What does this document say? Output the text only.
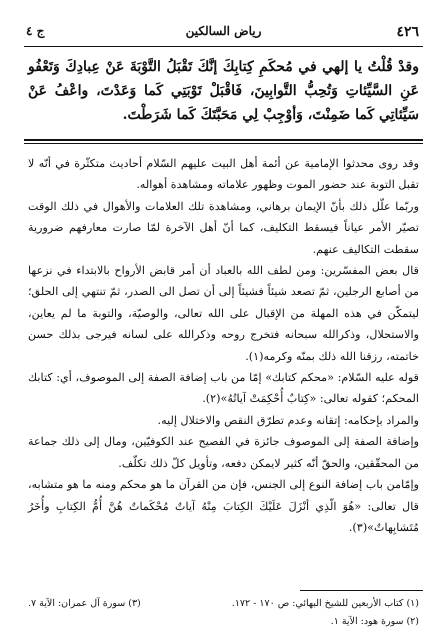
٤٢٦
رياض السالكين
ج ٤
وقدْ قُلْتُ يا إلهي في مُحكَمِ كِتابِكَ إنَّكَ تَقْبَلُ التَّوْبَةَ عَنْ عِبادِكَ وَتَعْفُو عَنِ السَّيِّئاتِ وَتُحِبُّ التَّوابِينَ، فَاقْبَلْ تَوْبَتِي كَما وَعَدْتَ، واعْفُ عَنْ سَيِّئاتِي كَما ضَمِنْتَ، وَأوْجِبْ لِي مَحَبَّتَكَ كَما شَرَطْتَ.

وقد روى محدثوا الإمامية عن أئمة أهل البيت عليهم السّلام أحاديث متكثّرة في أنّه لا تقبل التوبة عند حضور الموت وظهور علاماته ومشاهدة أهواله.

وربّما علّل ذلك بأنّ الإيمان برهاني، ومشاهدة تلك العلامات والأهوال في ذلك الوقت تصيّر الأمر عياناً فيسقط التكليف، كما أنّ أهل الآخرة لمّا صارت معارفهم ضرورية سقطت التكاليف عنهم.

قال بعض المفسّرين: ومن لطف الله بالعباد أن أمر قابض الأرواح بالابتداء في نزعها من أصابع الرجلين، ثمّ تصعد شيئاً فشيئاً إلى أن تصل الى الصدر، ثمّ تنتهي إلى الحلق؛ ليتمكّن في هذه المهلة من الإقبال على الله تعالى، والوصيّة، والتوبة ما لم يعاين، والاستحلال، وذكرالله سبحانه فتخرج روحه وذكرالله على لسانه فيرجى بذلك حسن خاتمته، رزقنا الله ذلك بمنّه وكرمه(١).

قوله عليه السّلام: «محكم كتابك» إمّا من باب إضافة الصفة إلى الموصوف، أي: كتابك المحكم؛ كقوله تعالى: «كِتابٌ أُحْكِمَتْ آياتُهُ»(٢).

والمراد بإحكامه: إتقانه وعدم تطرّق النقص والاختلال إليه.

وإضافة الصفة إلى الموصوف جائزة في الفصيح عند الكوفيّين، ومال إلى ذلك جماعة من المحقّقين، والحقّ أنّه كثير لايمكن دفعه، وتأويل كلّ ذلك تكلّف.

وإمّامن باب إضافة النوع إلى الجنس، فإن من القرآن ما هو محكم ومنه ما هو متشابه، قال تعالى: «هُوَ الّذِي أنْزَلَ عَلَيْكَ الكِتابَ مِنْهُ آياتٌ مُحْكَماتٌ هُنَّ أُمُّ الكِتابِ وأُخَرُ مُتَشابِهاتٌ»(٣).

(١) كتاب الأربعين للشيخ البهائي: ص ١٧٠ - ١٧٢.
(٣) سورة آل عمران: الآية ٧.
(٢) سورة هود: الآية ١.
